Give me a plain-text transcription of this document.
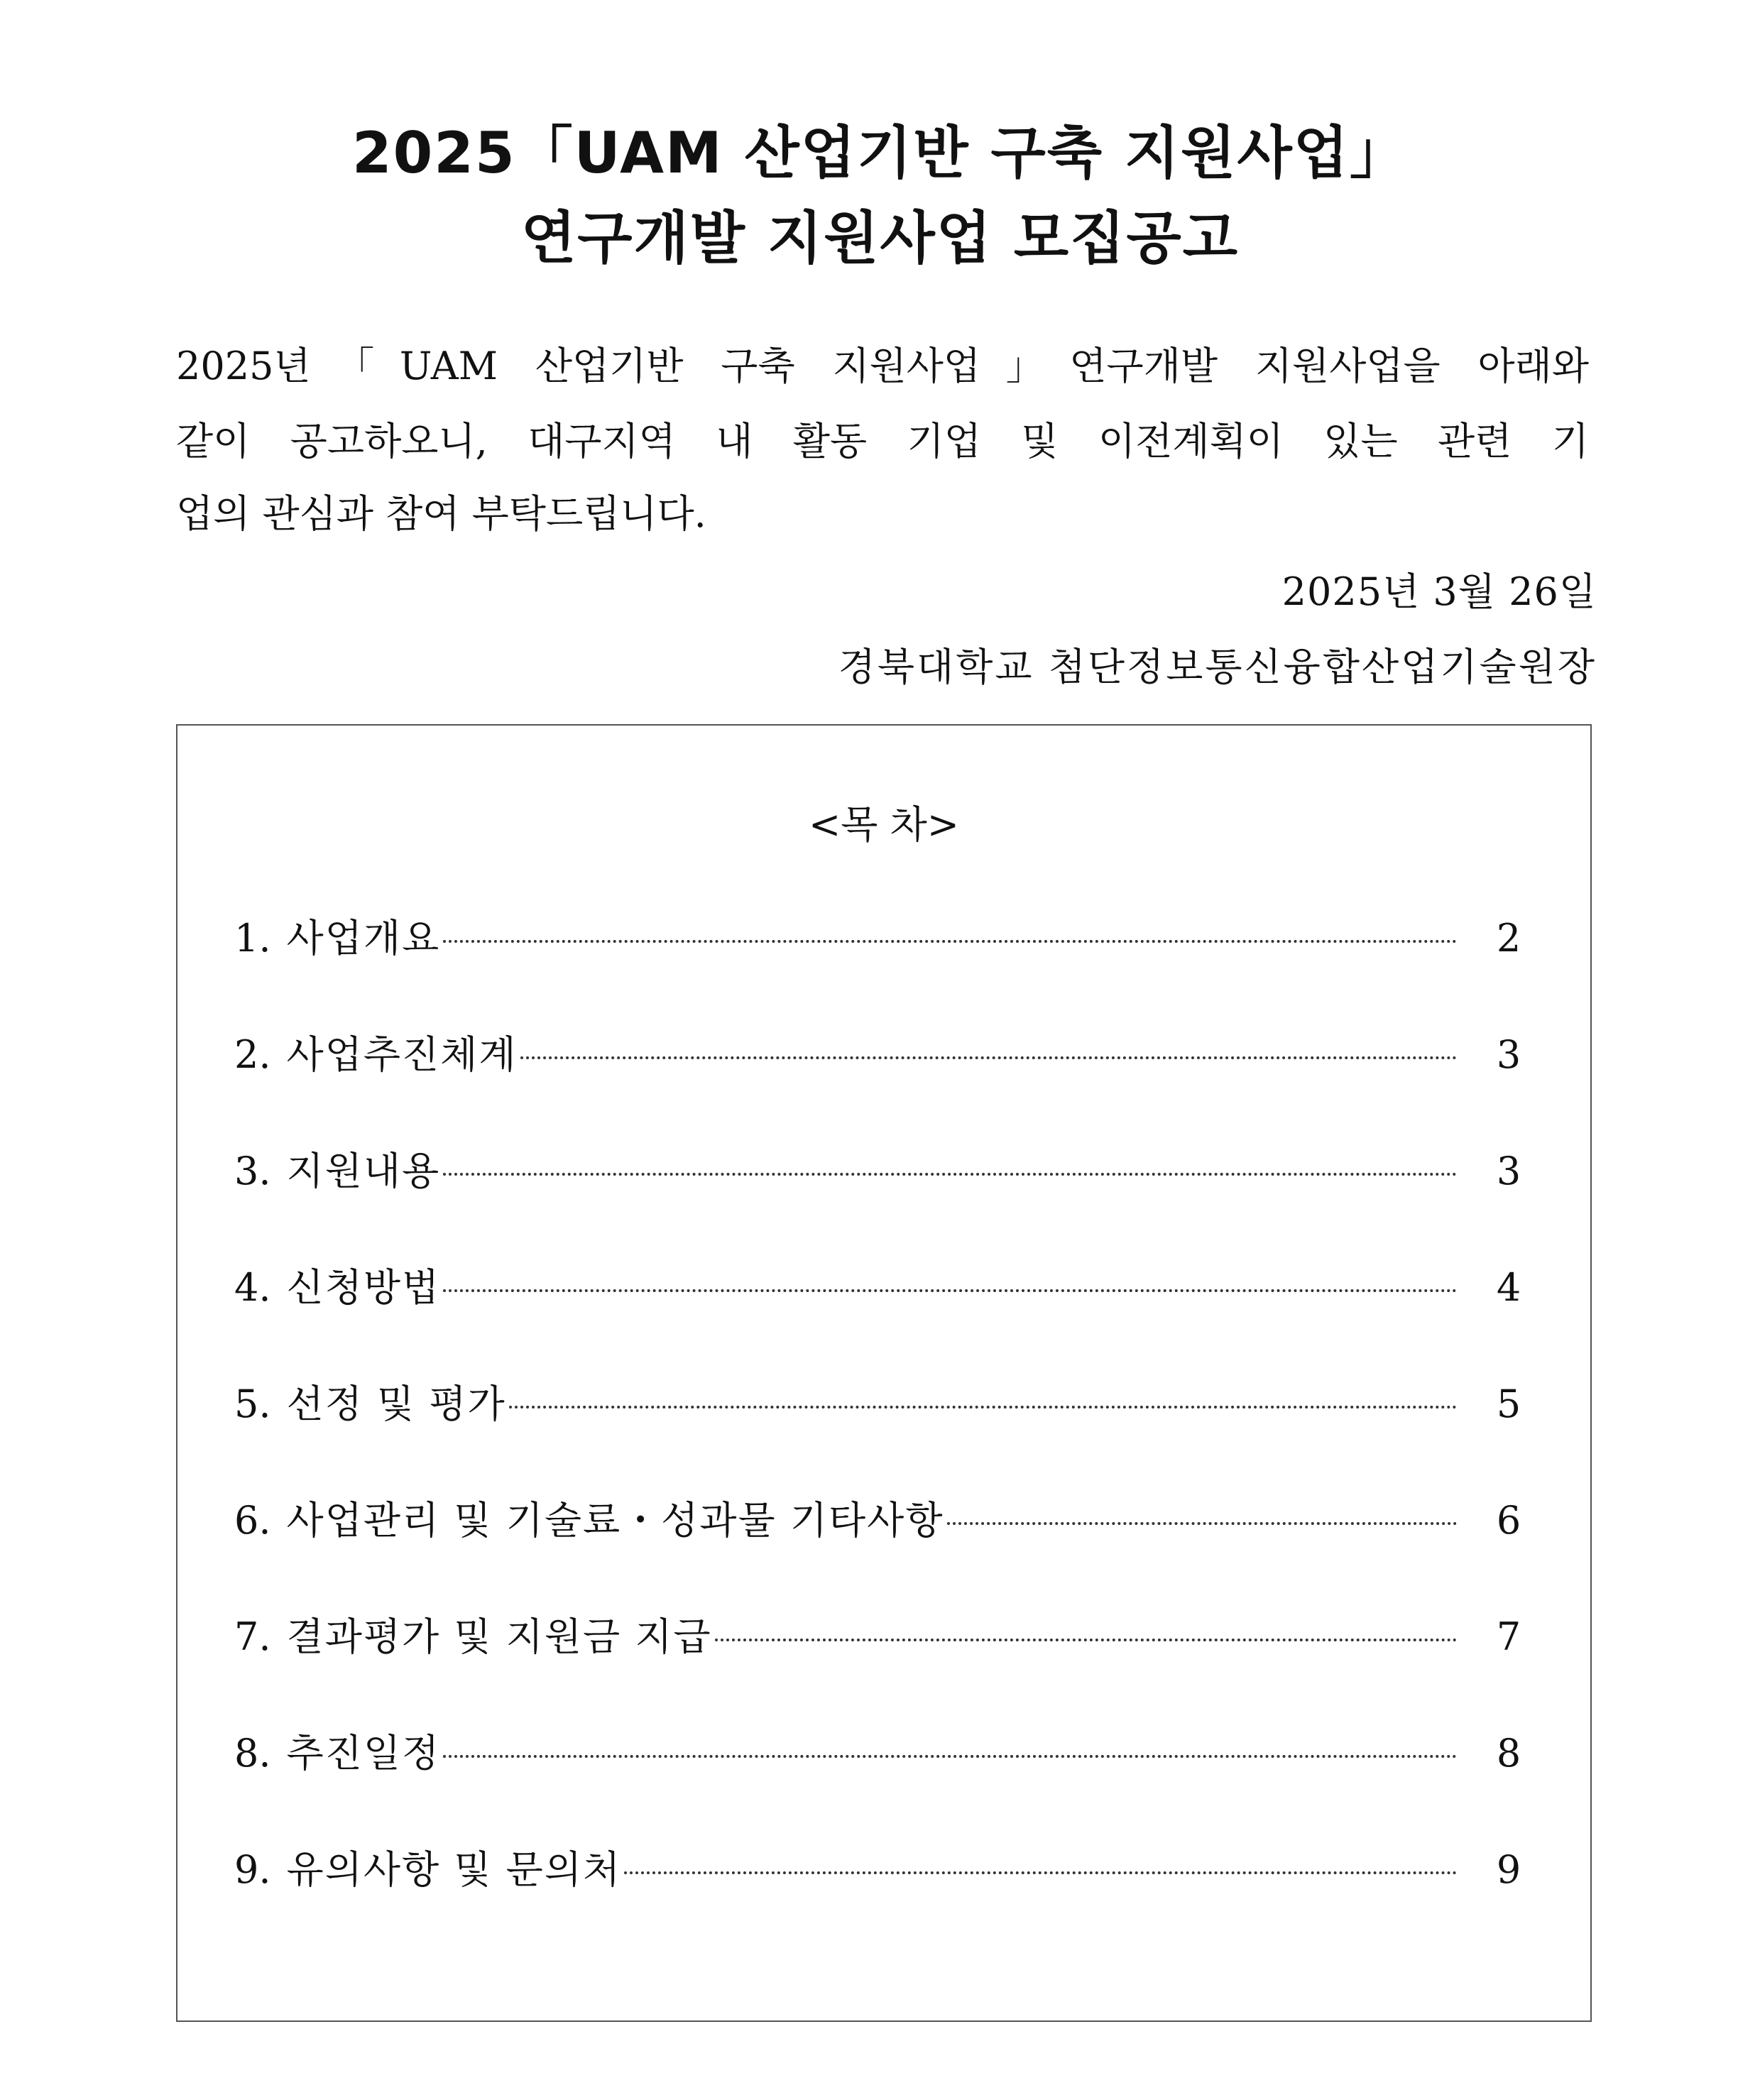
2025「UAM 산업기반 구축 지원사업」
연구개발 지원사업 모집공고
2025년「UAM 산업기반 구축 지원사업」연구개발 지원사업을 아래와
같이 공고하오니, 대구지역 내 활동 기업 및 이전계획이 있는 관련 기
업의 관심과 참여 부탁드립니다.
2025년 3월 26일
경북대학교 첨단정보통신융합산업기술원장
<목 차>
1. 사업개요	2
2. 사업추진체계	3
3. 지원내용	3
4. 신청방법	4
5. 선정 및 평가	5
6. 사업관리 및 기술료・성과물 기타사항	6
7. 결과평가 및 지원금 지급	7
8. 추진일정	8
9. 유의사항 및 문의처	9
